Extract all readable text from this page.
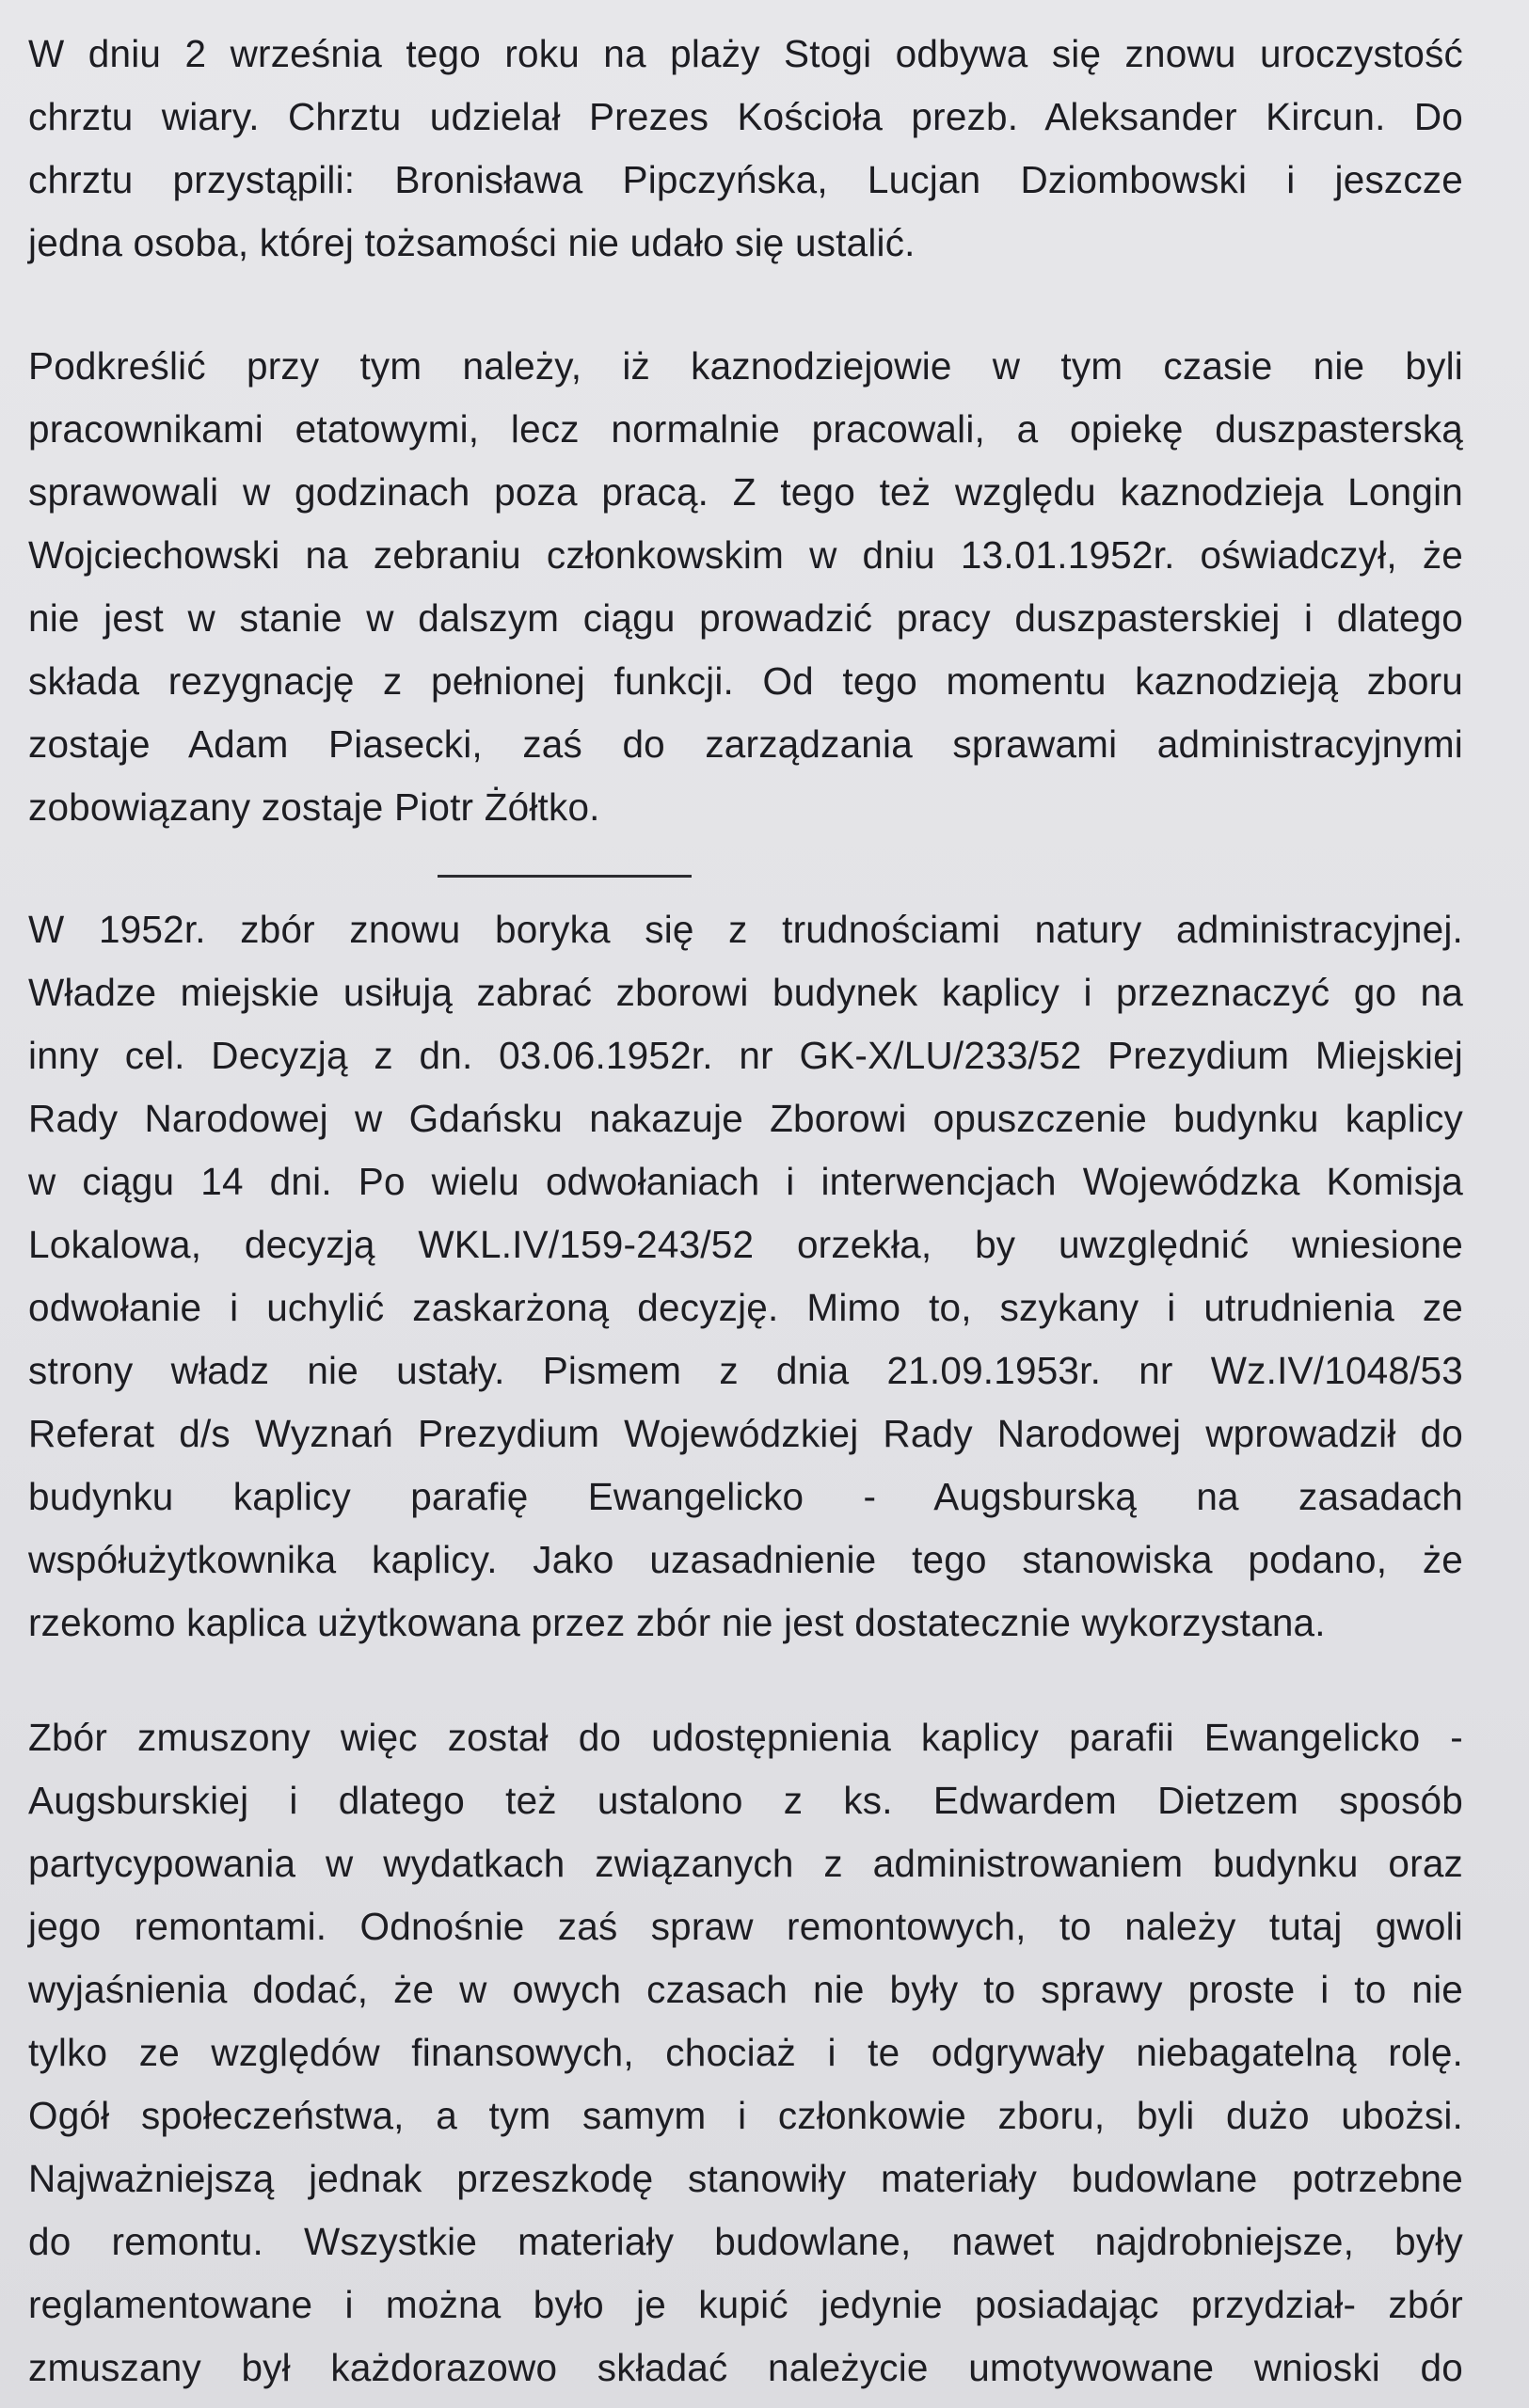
W dniu 2 września tego roku na plaży Stogi odbywa się znowu uroczystość
chrztu wiary. Chrztu udzielał Prezes Kościoła prezb. Aleksander Kircun. Do
chrztu przystąpili: Bronisława Pipczyńska, Lucjan Dziombowski i jeszcze
jedna osoba, której tożsamości nie udało się ustalić.
Podkreślić przy tym należy, iż kaznodziejowie w tym czasie nie byli
pracownikami etatowymi, lecz normalnie pracowali, a opiekę duszpasterską
sprawowali w godzinach poza pracą. Z tego też względu kaznodzieja Longin
Wojciechowski na zebraniu członkowskim w dniu 13.01.1952r. oświadczył, że
nie jest w stanie w dalszym ciągu prowadzić pracy duszpasterskiej i dlatego
składa rezygnację z pełnionej funkcji. Od tego momentu kaznodzieją zboru
zostaje Adam Piasecki, zaś do zarządzania sprawami administracyjnymi
zobowiązany zostaje Piotr Żółtko.
W 1952r. zbór znowu boryka się z trudnościami natury administracyjnej.
Władze miejskie usiłują zabrać zborowi budynek kaplicy i przeznaczyć go na
inny cel. Decyzją z dn. 03.06.1952r. nr GK-X/LU/233/52 Prezydium Miejskiej
Rady Narodowej w Gdańsku nakazuje Zborowi opuszczenie budynku kaplicy
w ciągu 14 dni. Po wielu odwołaniach i interwencjach Wojewódzka Komisja
Lokalowa, decyzją WKL.IV/159-243/52 orzekła, by uwzględnić wniesione
odwołanie i uchylić zaskarżoną decyzję. Mimo to, szykany i utrudnienia ze
strony władz nie ustały. Pismem z dnia 21.09.1953r. nr Wz.IV/1048/53
Referat d/s Wyznań Prezydium Wojewódzkiej Rady Narodowej wprowadził do
budynku kaplicy parafię Ewangelicko - Augsburską na zasadach
współużytkownika kaplicy. Jako uzasadnienie tego stanowiska podano, że
rzekomo kaplica użytkowana przez zbór nie jest dostatecznie wykorzystana.
Zbór zmuszony więc został do udostępnienia kaplicy parafii Ewangelicko -
Augsburskiej i dlatego też ustalono z ks. Edwardem Dietzem sposób
partycypowania w wydatkach związanych z administrowaniem budynku oraz
jego remontami. Odnośnie zaś spraw remontowych, to należy tutaj gwoli
wyjaśnienia dodać, że w owych czasach nie były to sprawy proste i to nie
tylko ze względów finansowych, chociaż i te odgrywały niebagatelną rolę.
Ogół społeczeństwa, a tym samym i członkowie zboru, byli dużo ubożsi.
Najważniejszą jednak przeszkodę stanowiły materiały budowlane potrzebne
do remontu. Wszystkie materiały budowlane, nawet najdrobniejsze, były
reglamentowane i można było je kupić jedynie posiadając przydział- zbór
zmuszany był każdorazowo składać należycie umotywowane wnioski do
